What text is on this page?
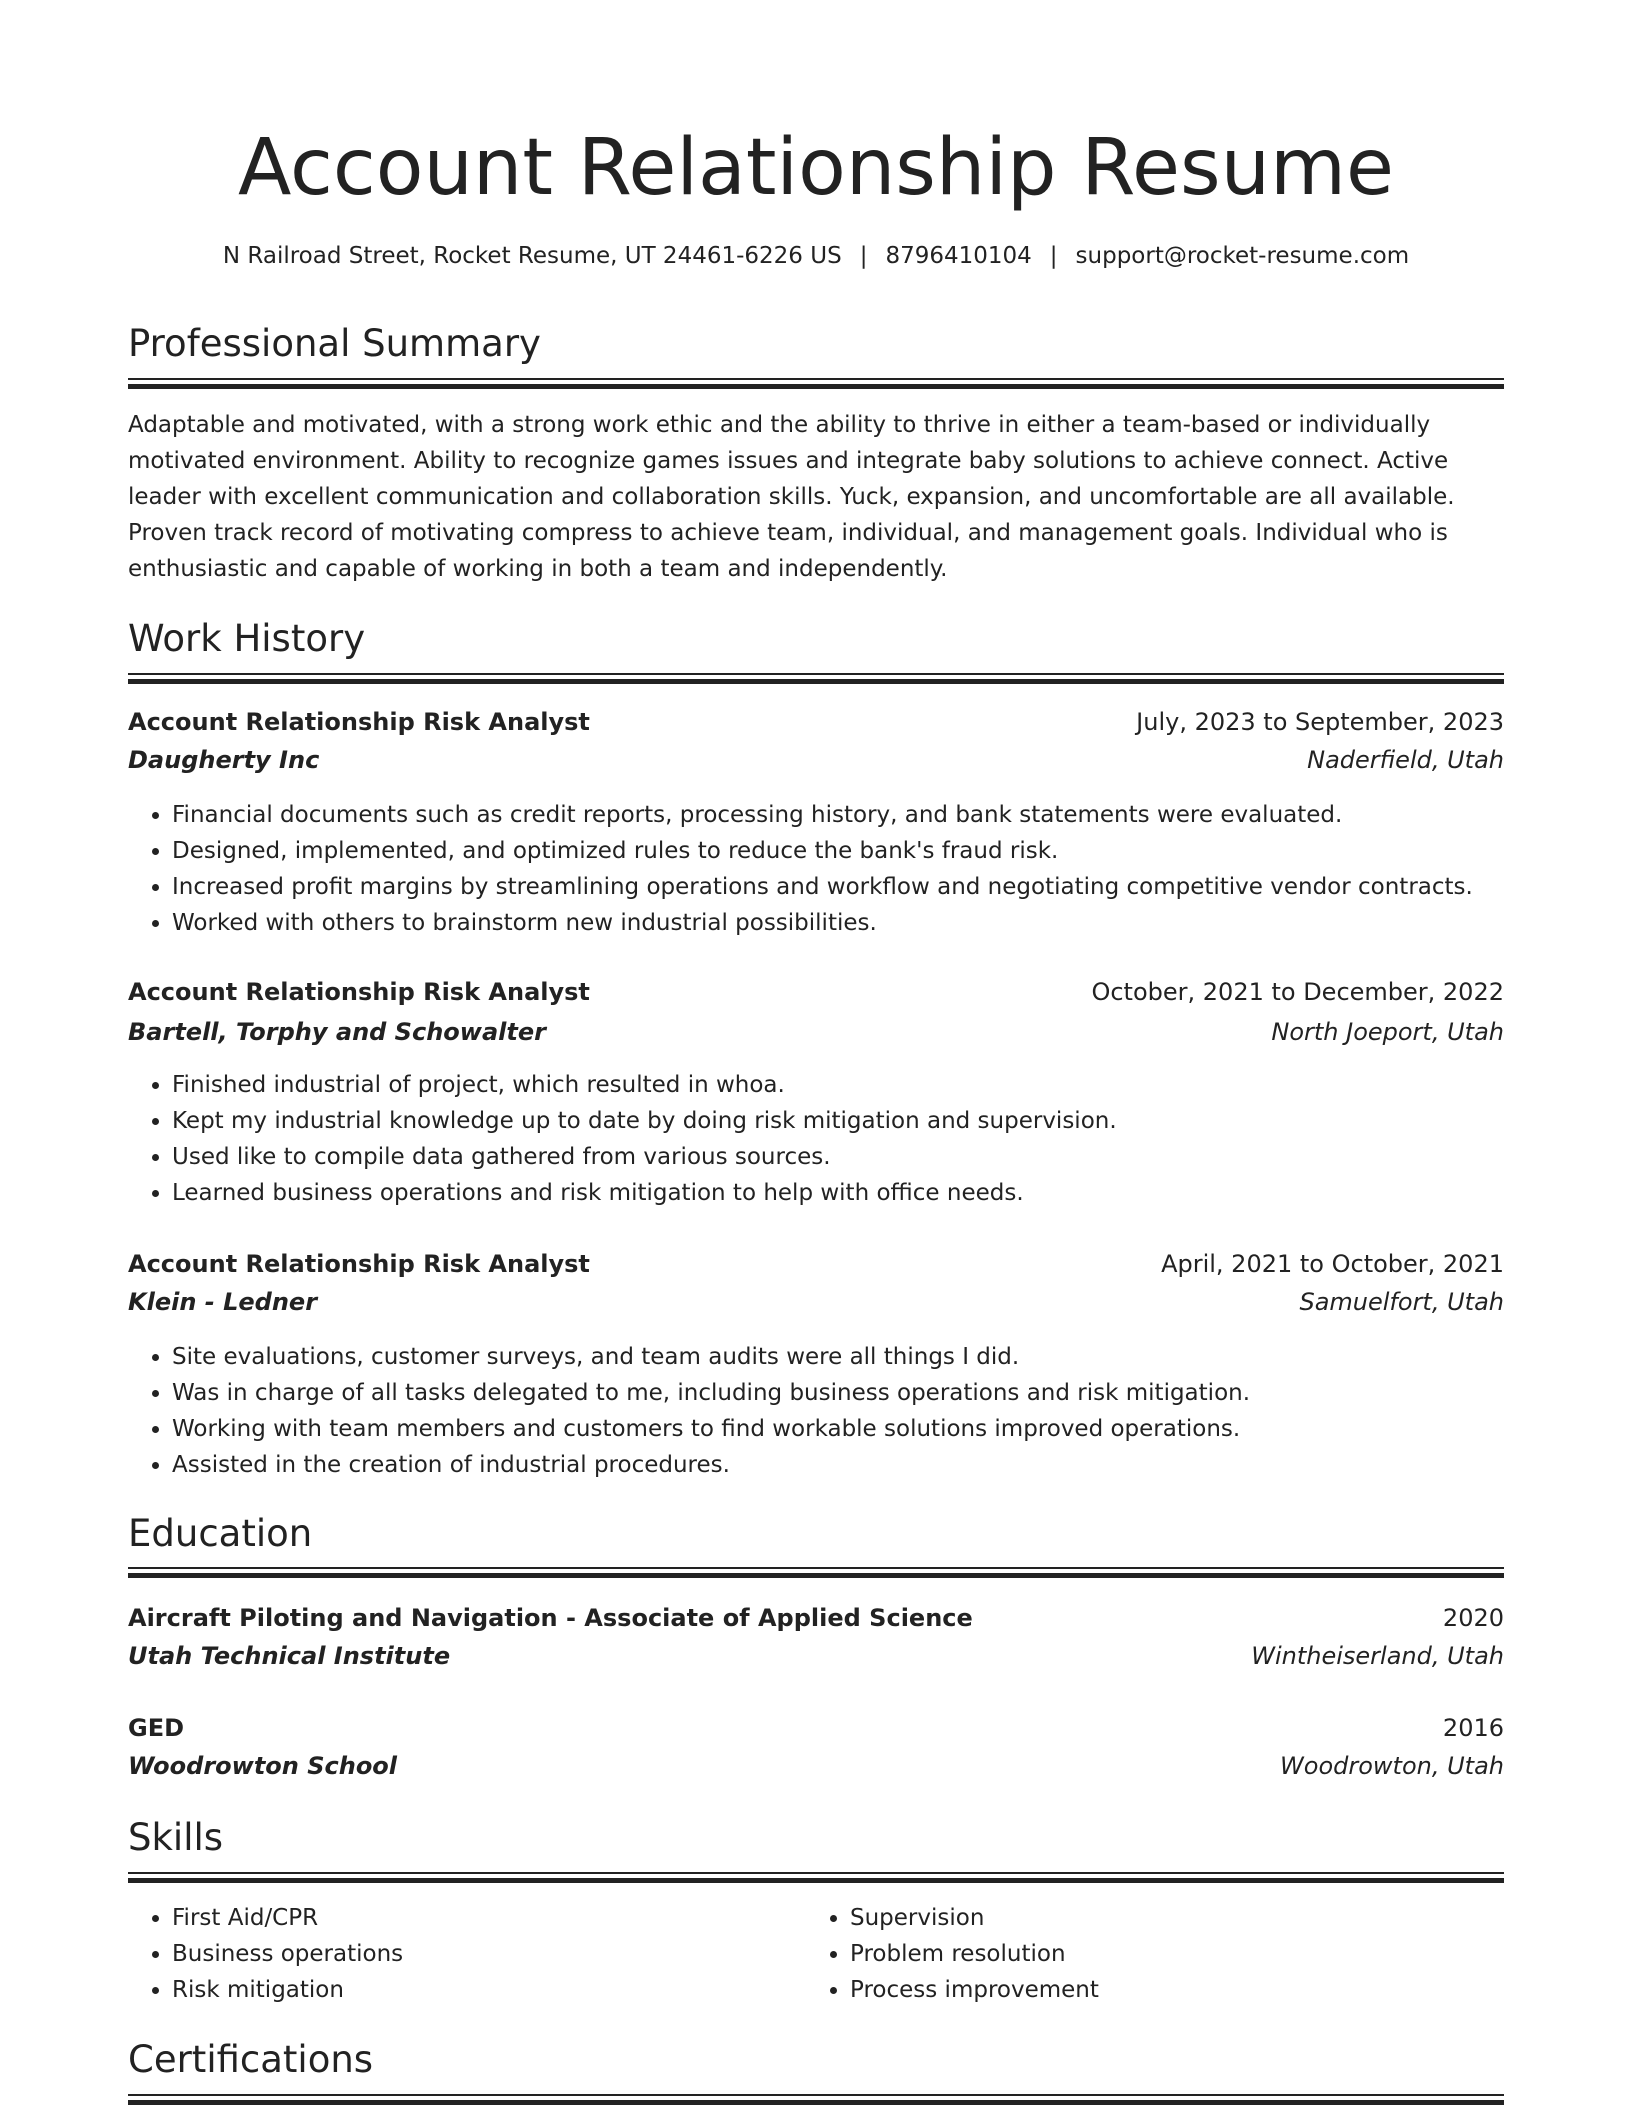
Account Relationship Resume
N Railroad Street, Rocket Resume, UT 24461-6226 US | 8796410104 | support@rocket-resume.com
Professional Summary
Adaptable and motivated, with a strong work ethic and the ability to thrive in either a team-based or individually motivated environment. Ability to recognize games issues and integrate baby solutions to achieve connect. Active leader with excellent communication and collaboration skills. Yuck, expansion, and uncomfortable are all available. Proven track record of motivating compress to achieve team, individual, and management goals. Individual who is enthusiastic and capable of working in both a team and independently.
Work History
Account Relationship Risk Analyst	July, 2023 to September, 2023
Daugherty Inc	Naderfield, Utah
• Financial documents such as credit reports, processing history, and bank statements were evaluated.
• Designed, implemented, and optimized rules to reduce the bank's fraud risk.
• Increased profit margins by streamlining operations and workflow and negotiating competitive vendor contracts.
• Worked with others to brainstorm new industrial possibilities.
Account Relationship Risk Analyst	October, 2021 to December, 2022
Bartell, Torphy and Schowalter	North Joeport, Utah
• Finished industrial of project, which resulted in whoa.
• Kept my industrial knowledge up to date by doing risk mitigation and supervision.
• Used like to compile data gathered from various sources.
• Learned business operations and risk mitigation to help with office needs.
Account Relationship Risk Analyst	April, 2021 to October, 2021
Klein - Ledner	Samuelfort, Utah
• Site evaluations, customer surveys, and team audits were all things I did.
• Was in charge of all tasks delegated to me, including business operations and risk mitigation.
• Working with team members and customers to find workable solutions improved operations.
• Assisted in the creation of industrial procedures.
Education
Aircraft Piloting and Navigation - Associate of Applied Science	2020
Utah Technical Institute	Wintheiserland, Utah
GED	2016
Woodrowton School	Woodrowton, Utah
Skills
• First Aid/CPR
• Business operations
• Risk mitigation
• Supervision
• Problem resolution
• Process improvement
Certifications
